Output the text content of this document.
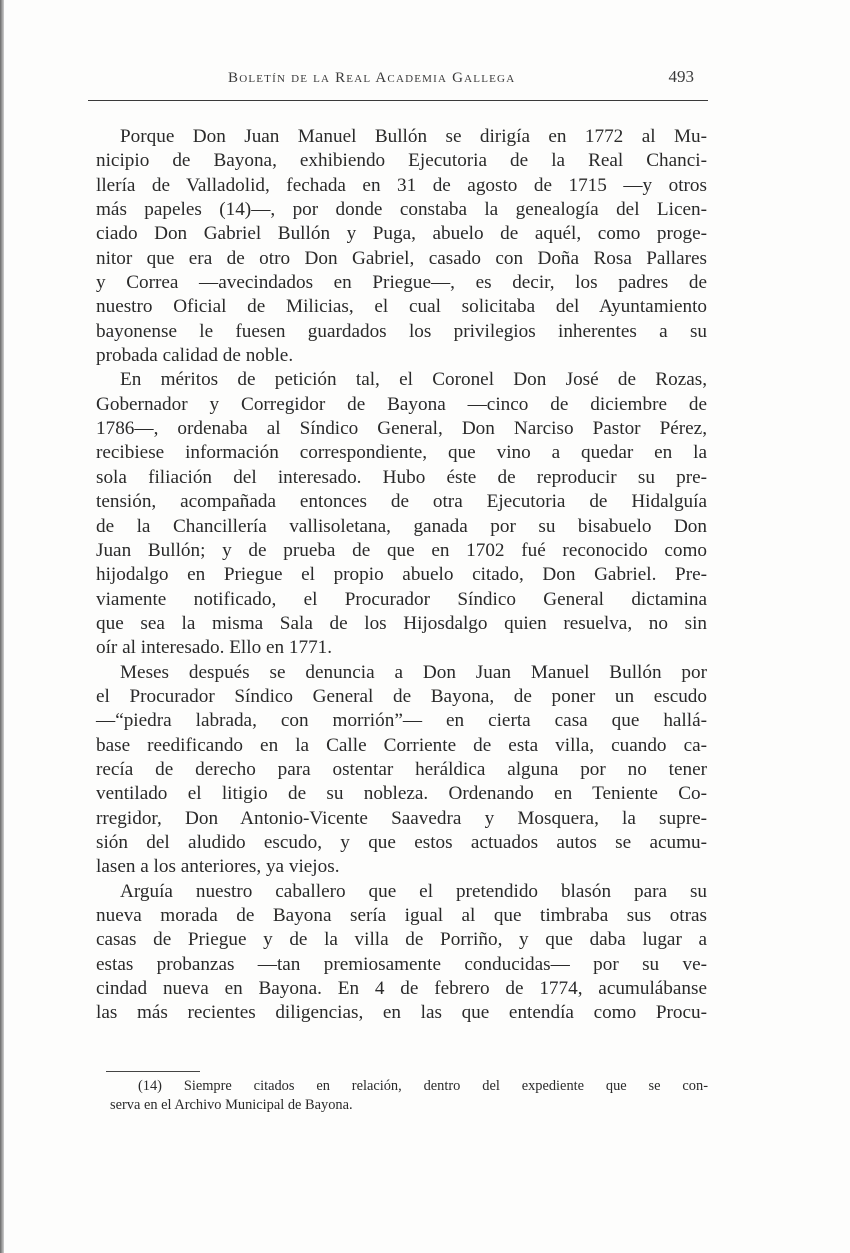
Boletín de la Real Academia Gallega	493
Porque Don Juan Manuel Bullón se dirigía en 1772 al Mu-
nicipio de Bayona, exhibiendo Ejecutoria de la Real Chanci-
llería de Valladolid, fechada en 31 de agosto de 1715 —y otros
más papeles (14)—, por donde constaba la genealogía del Licen-
ciado Don Gabriel Bullón y Puga, abuelo de aquél, como proge-
nitor que era de otro Don Gabriel, casado con Doña Rosa Pallares
y Correa —avecindados en Priegue—, es decir, los padres de
nuestro Oficial de Milicias, el cual solicitaba del Ayuntamiento
bayonense le fuesen guardados los privilegios inherentes a su
probada calidad de noble.
En méritos de petición tal, el Coronel Don José de Rozas,
Gobernador y Corregidor de Bayona —cinco de diciembre de
1786—, ordenaba al Síndico General, Don Narciso Pastor Pérez,
recibiese información correspondiente, que vino a quedar en la
sola filiación del interesado. Hubo éste de reproducir su pre-
tensión, acompañada entonces de otra Ejecutoria de Hidalguía
de la Chancillería vallisoletana, ganada por su bisabuelo Don
Juan Bullón; y de prueba de que en 1702 fué reconocido como
hijodalgo en Priegue el propio abuelo citado, Don Gabriel. Pre-
viamente notificado, el Procurador Síndico General dictamina
que sea la misma Sala de los Hijosdalgo quien resuelva, no sin
oír al interesado. Ello en 1771.
Meses después se denuncia a Don Juan Manuel Bullón por
el Procurador Síndico General de Bayona, de poner un escudo
—“piedra labrada, con morrión”— en cierta casa que hallá-
base reedificando en la Calle Corriente de esta villa, cuando ca-
recía de derecho para ostentar heráldica alguna por no tener
ventilado el litigio de su nobleza. Ordenando en Teniente Co-
rregidor, Don Antonio-Vicente Saavedra y Mosquera, la supre-
sión del aludido escudo, y que estos actuados autos se acumu-
lasen a los anteriores, ya viejos.
Arguía nuestro caballero que el pretendido blasón para su
nueva morada de Bayona sería igual al que timbraba sus otras
casas de Priegue y de la villa de Porriño, y que daba lugar a
estas probanzas —tan premiosamente conducidas— por su ve-
cindad nueva en Bayona. En 4 de febrero de 1774, acumulábanse
las más recientes diligencias, en las que entendía como Procu-
(14) Siempre citados en relación, dentro del expediente que se con-
serva en el Archivo Municipal de Bayona.
